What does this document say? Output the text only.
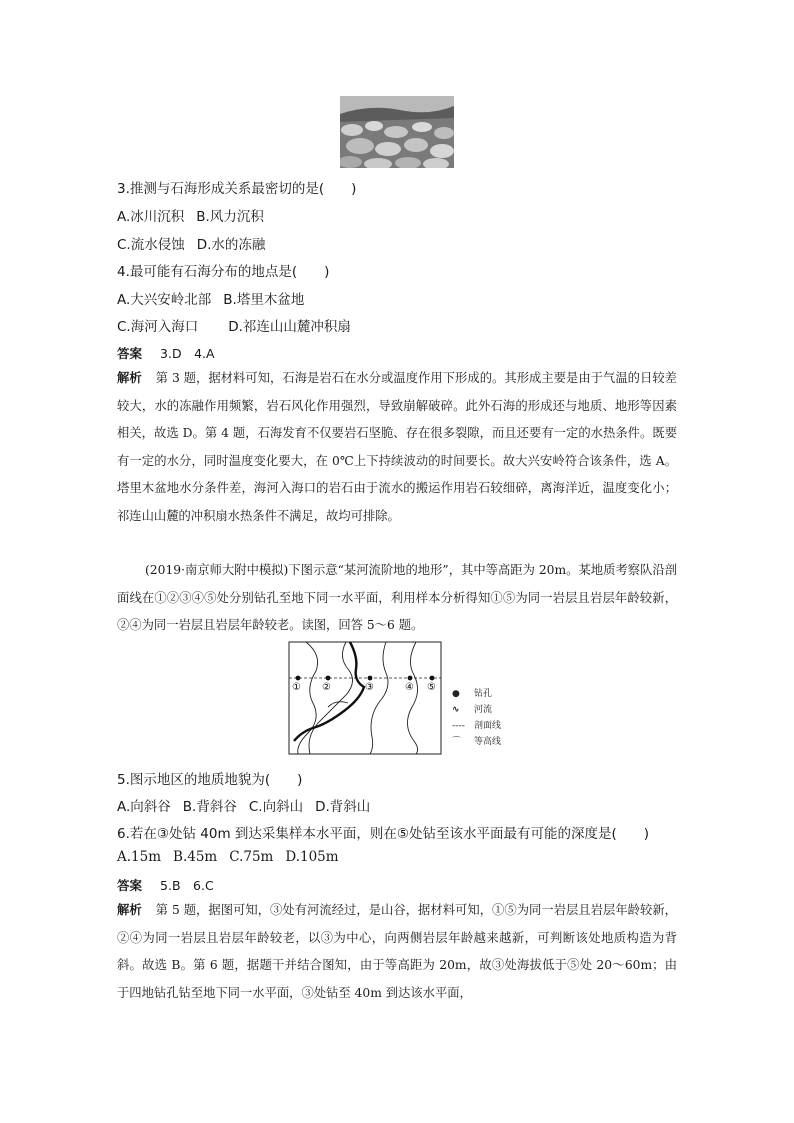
3.推测与石海形成关系最密切的是(　　)
A.冰川沉积 B.风力沉积
C.流水侵蚀 D.水的冻融
4.最可能有石海分布的地点是(　　)
A.大兴安岭北部 B.塔里木盆地
C.海河入海口 D.祁连山山麓冲积扇
答案 3.D　4.A
解析 第 3 题，据材料可知，石海是岩石在水分或温度作用下形成的。其形成主要是由于气温的日较差较大，水的冻融作用频繁，岩石风化作用强烈，导致崩解破碎。此外石海的形成还与地质、地形等因素相关，故选 D。第 4 题，石海发育不仅要岩石坚脆、存在很多裂隙，而且还要有一定的水热条件。既要有一定的水分，同时温度变化要大，在 0℃上下持续波动的时间要长。故大兴安岭符合该条件，选 A。塔里木盆地水分条件差，海河入海口的岩石由于流水的搬运作用岩石较细碎，离海洋近，温度变化小；祁连山山麓的冲积扇水热条件不满足，故均可排除。
(2019·南京师大附中模拟)下图示意“某河流阶地的地形”，其中等高距为 20m。某地质考察队沿剖面线在①②③④⑤处分别钻孔至地下同一水平面，利用样本分析得知①⑤为同一岩层且岩层年龄较新，②④为同一岩层且岩层年龄较老。读图，回答 5～6 题。
① ②	③	④ ⑤
● 钻孔
∿ 河流
---- 剖面线
⌒ 等高线
5.图示地区的地质地貌为(　　)
A.向斜谷 B.背斜谷 C.向斜山 D.背斜山
6.若在③处钻 40m 到达采集样本水平面，则在⑤处钻至该水平面最有可能的深度是(　　)
A.15m B.45m C.75m D.105m
答案 5.B　6.C
解析 第 5 题，据图可知，③处有河流经过，是山谷，据材料可知，①⑤为同一岩层且岩层年龄较新，②④为同一岩层且岩层年龄较老，以③为中心，向两侧岩层年龄越来越新，可判断该处地质构造为背斜。故选 B。第 6 题，据题干并结合图知，由于等高距为 20m，故③处海拔低于⑤处 20～60m；由于四地钻孔钻至地下同一水平面，③处钻至 40m 到达该水平面，
